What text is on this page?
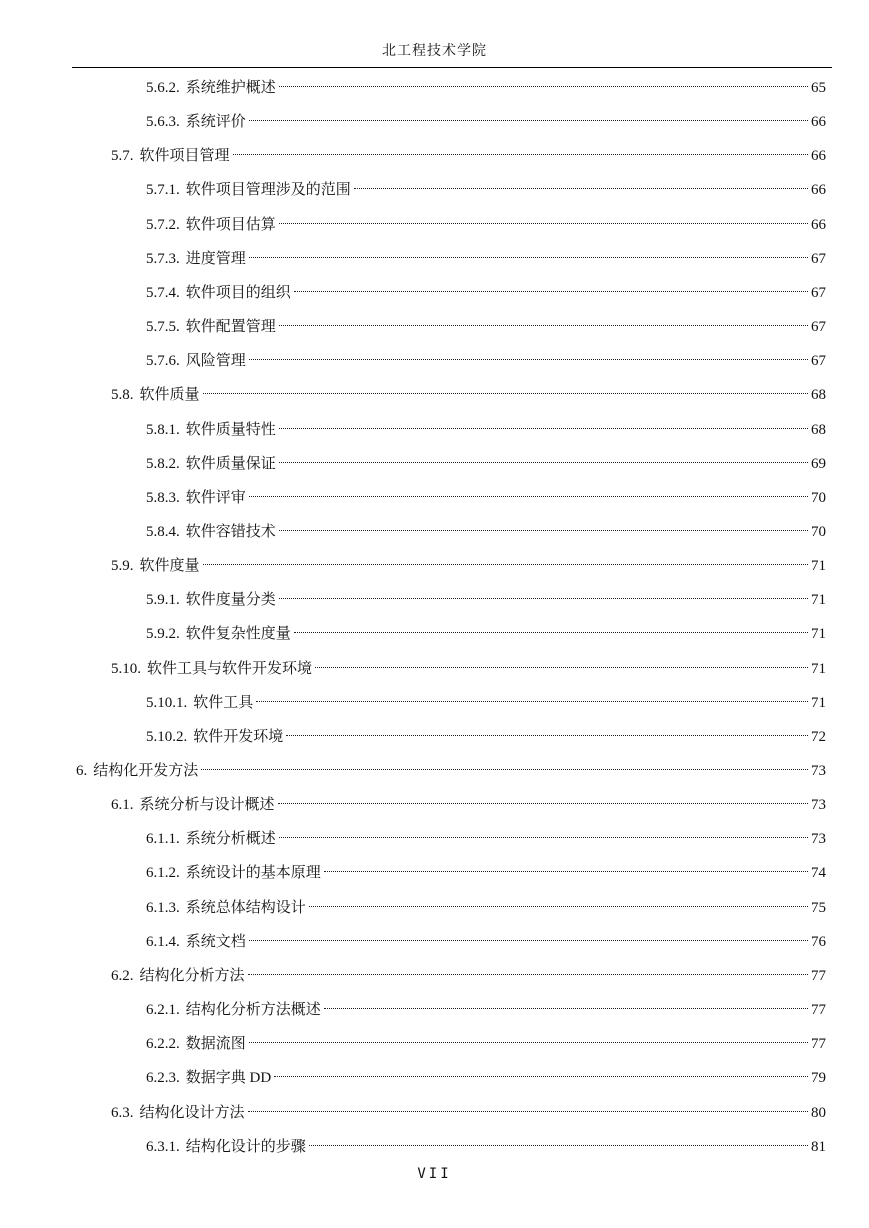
北工程技术学院
5.6.2. 系统维护概述	65
5.6.3. 系统评价	66
5.7. 软件项目管理	66
5.7.1. 软件项目管理涉及的范围	66
5.7.2. 软件项目估算	66
5.7.3. 进度管理	67
5.7.4. 软件项目的组织	67
5.7.5. 软件配置管理	67
5.7.6. 风险管理	67
5.8. 软件质量	68
5.8.1. 软件质量特性	68
5.8.2. 软件质量保证	69
5.8.3. 软件评审	70
5.8.4. 软件容错技术	70
5.9. 软件度量	71
5.9.1. 软件度量分类	71
5.9.2. 软件复杂性度量	71
5.10. 软件工具与软件开发环境	71
5.10.1. 软件工具	71
5.10.2. 软件开发环境	72
6. 结构化开发方法	73
6.1. 系统分析与设计概述	73
6.1.1. 系统分析概述	73
6.1.2. 系统设计的基本原理	74
6.1.3. 系统总体结构设计	75
6.1.4. 系统文档	76
6.2. 结构化分析方法	77
6.2.1. 结构化分析方法概述	77
6.2.2. 数据流图	77
6.2.3. 数据字典 DD	79
6.3. 结构化设计方法	80
6.3.1. 结构化设计的步骤	81
VII
